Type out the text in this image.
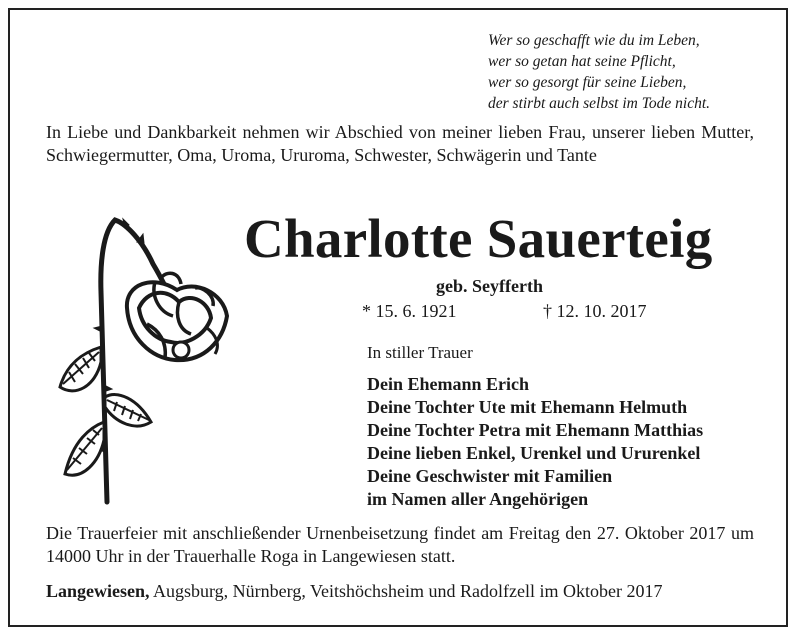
Wer so geschafft wie du im Leben,
wer so getan hat seine Pflicht,
wer so gesorgt für seine Lieben,
der stirbt auch selbst im Tode nicht.
In Liebe und Dankbarkeit nehmen wir Abschied von meiner lieben Frau, unserer lieben Mutter, Schwiegermutter, Oma, Uroma, Ururoma, Schwester, Schwägerin und Tante
Charlotte Sauerteig
geb. Seyfferth
* 15. 6. 1921	† 12. 10. 2017
In stiller Trauer
Dein Ehemann Erich
Deine Tochter Ute mit Ehemann Helmuth
Deine Tochter Petra mit Ehemann Matthias
Deine lieben Enkel, Urenkel und Ururenkel
Deine Geschwister mit Familien
im Namen aller Angehörigen
Die Trauerfeier mit anschließender Urnenbeisetzung findet am Freitag den 27. Oktober 2017 um 14000 Uhr in der Trauerhalle Roga in Langewiesen statt.
Langewiesen, Augsburg, Nürnberg, Veitshöchsheim und Radolfzell im Oktober 2017
